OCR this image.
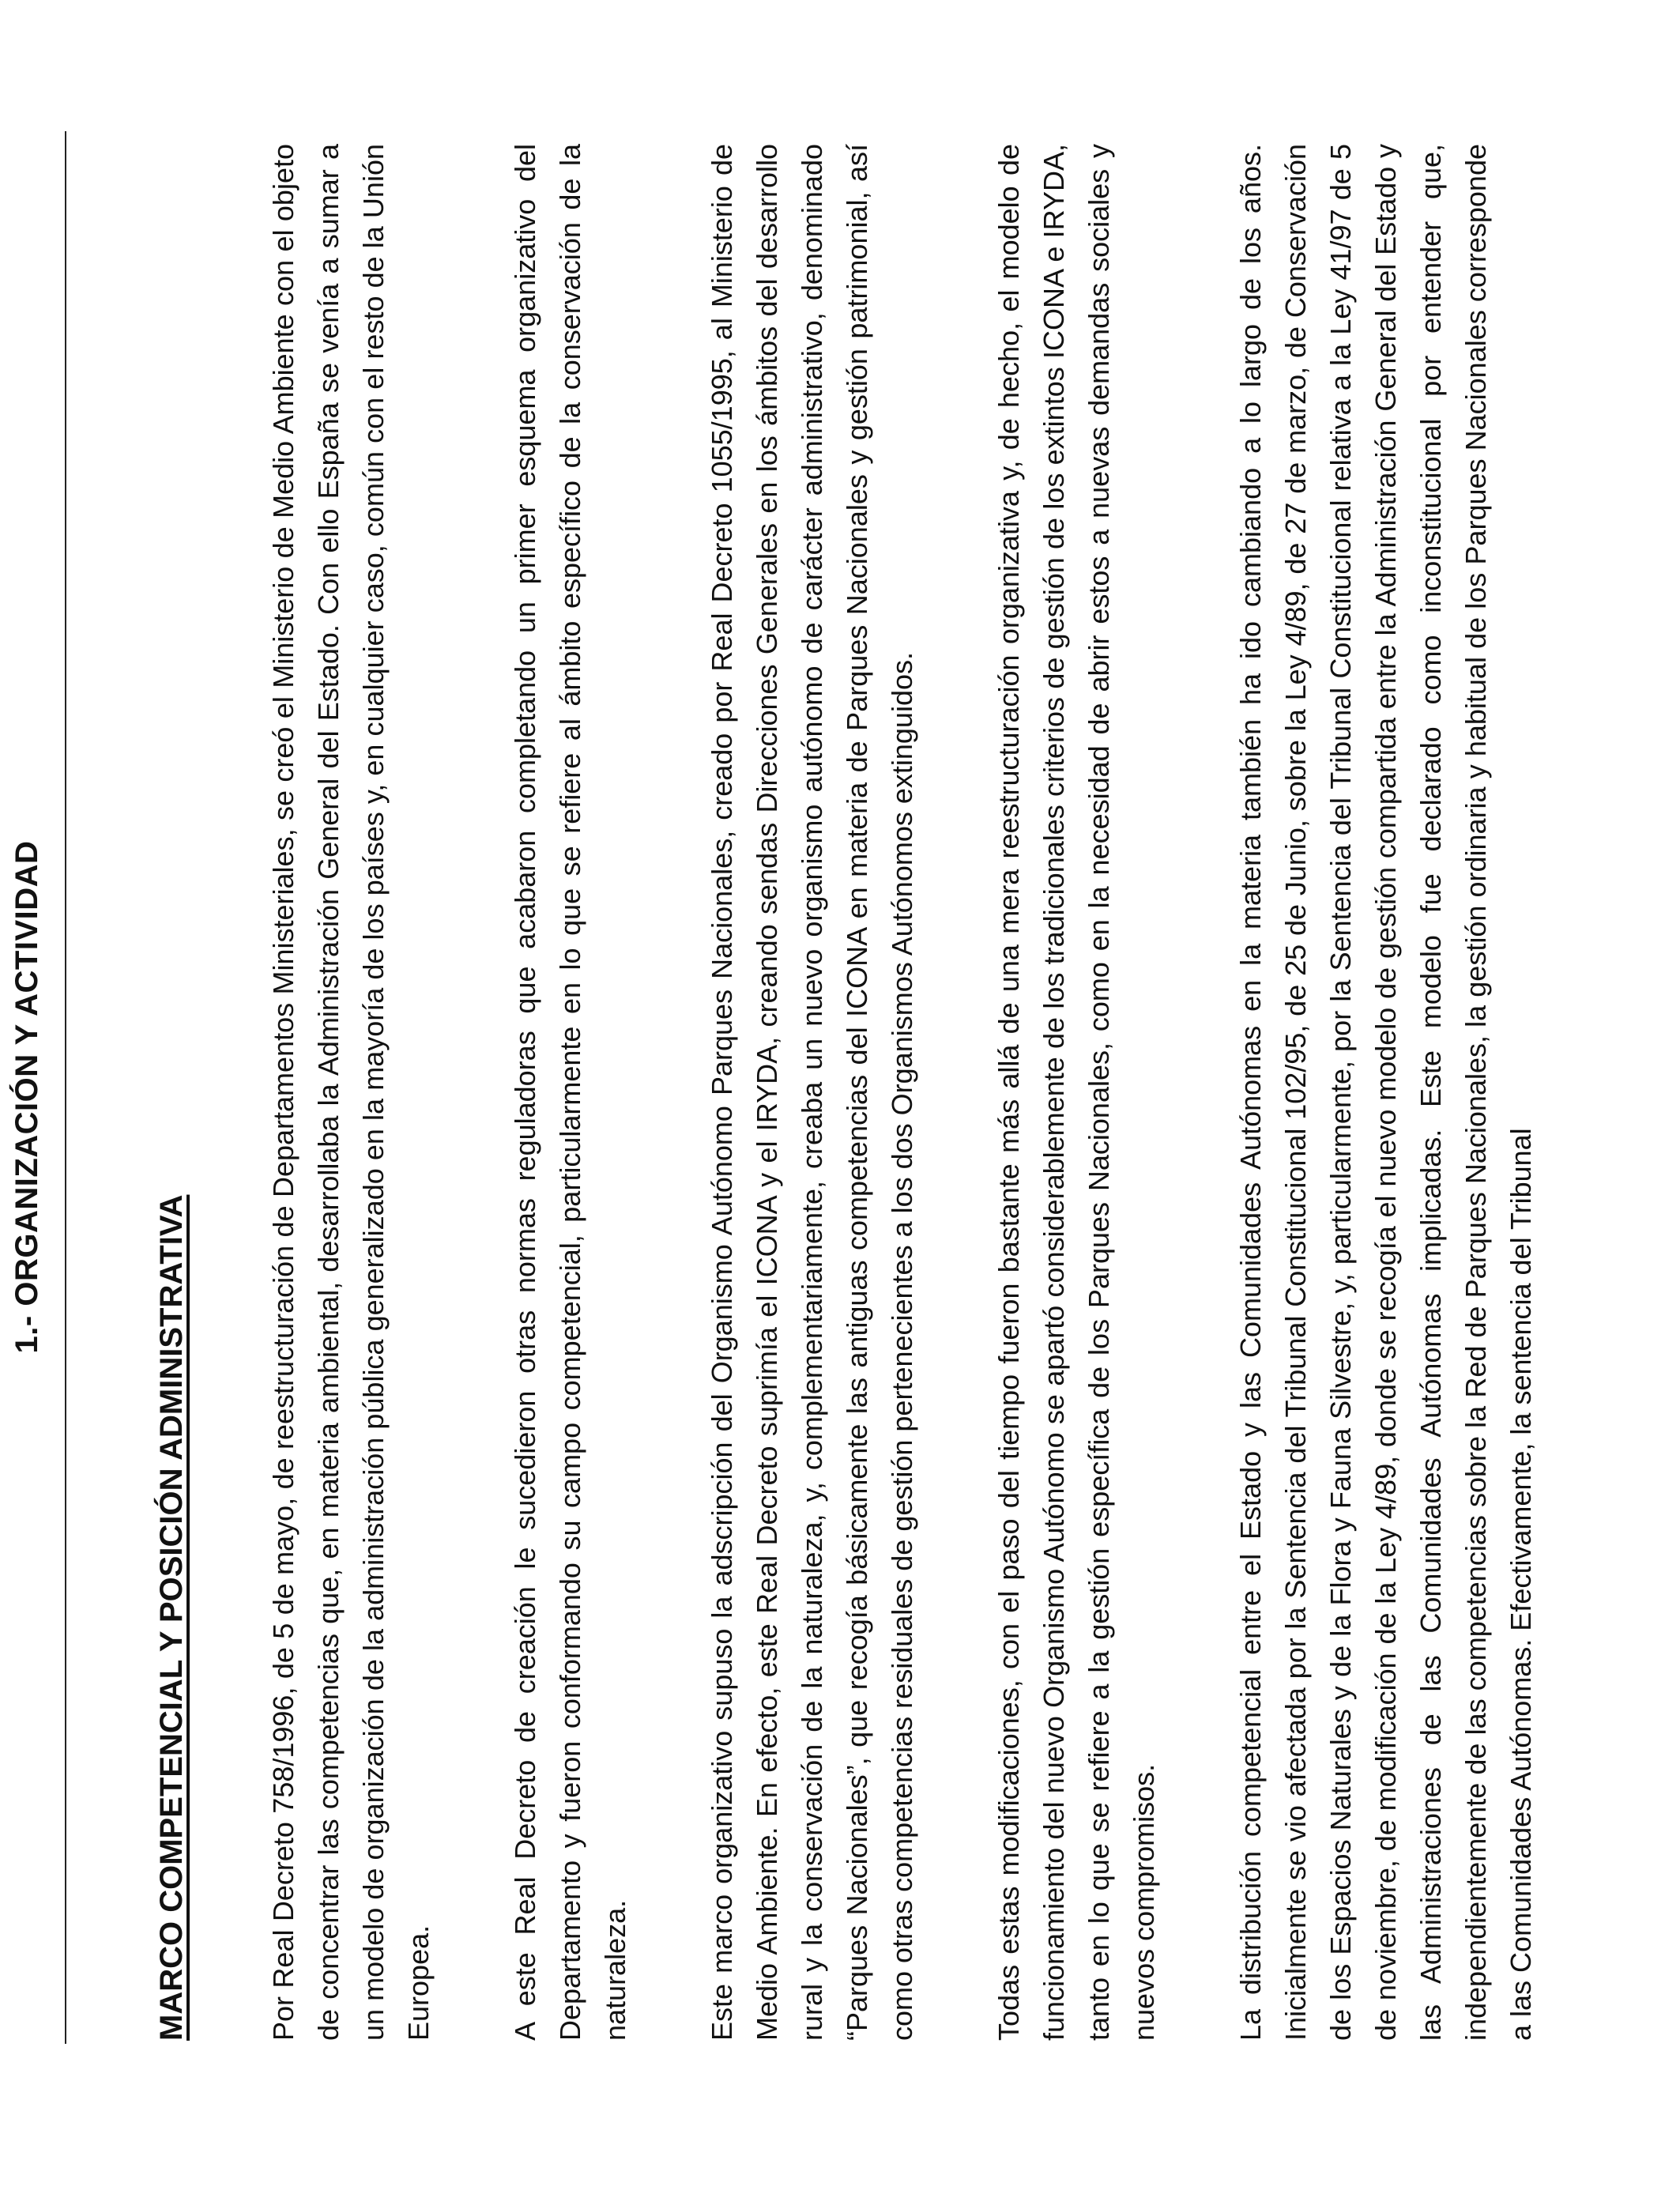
1.- ORGANIZACIÓN Y ACTIVIDAD
MARCO COMPETENCIAL Y POSICIÓN ADMINISTRATIVA	Por Real Decreto 758/1996, de 5 de mayo, de reestructuración de Departamentos Ministeriales, se creó el Ministerio de Medio Ambiente con el objeto de concentrar las competencias que, en materia ambiental, desarrollaba la Administración General del Estado. Con ello España se venía a sumar a un modelo de organización de la administración pública generalizado en la mayoría de los países y, en cualquier caso, común con el resto de la Unión Europea.	A este Real Decreto de creación le sucedieron otras normas reguladoras que acabaron completando un primer esquema organizativo del Departamento y fueron conformando su campo competencial, particularmente en lo que se refiere al ámbito específico de la conservación de la naturaleza.	Este marco organizativo supuso la adscripción del Organismo Autónomo Parques Nacionales, creado por Real Decreto 1055/1995, al Ministerio de Medio Ambiente. En efecto, este Real Decreto suprimía el ICONA y el IRYDA, creando sendas Direcciones Generales en los ámbitos del desarrollo rural y la conservación de la naturaleza, y, complementariamente, creaba un nuevo organismo autónomo de carácter administrativo, denominado “Parques Nacionales”, que recogía básicamente las antiguas competencias del ICONA en materia de Parques Nacionales y gestión patrimonial, así como otras competencias residuales de gestión pertenecientes a los dos Organismos Autónomos extinguidos.	Todas estas modificaciones, con el paso del tiempo fueron bastante más allá de una mera reestructuración organizativa y, de hecho, el modelo de funcionamiento del nuevo Organismo Autónomo se apartó considerablemente de los tradicionales criterios de gestión de los extintos ICONA e IRYDA, tanto en lo que se refiere a la gestión específica de los Parques Nacionales, como en la necesidad de abrir estos a nuevas demandas sociales y nuevos compromisos.	La distribución competencial entre el Estado y las Comunidades Autónomas en la materia también ha ido cambiando a lo largo de los años. Inicialmente se vio afectada por la Sentencia del Tribunal Constitucional 102/95, de 25 de Junio, sobre la Ley 4/89, de 27 de marzo, de Conservación de los Espacios Naturales y de la Flora y Fauna Silvestre, y, particularmente, por la Sentencia del Tribunal Constitucional relativa a la Ley 41/97 de 5 de noviembre, de modificación de la Ley 4/89, donde se recogía el nuevo modelo de gestión compartida entre la Administración General del Estado y las Administraciones de las Comunidades Autónomas implicadas. Este modelo fue declarado como inconstitucional por entender que, independientemente de las competencias sobre la Red de Parques Nacionales, la gestión ordinaria y habitual de los Parques Nacionales corresponde a las Comunidades Autónomas. Efectivamente, la sentencia del Tribunal
